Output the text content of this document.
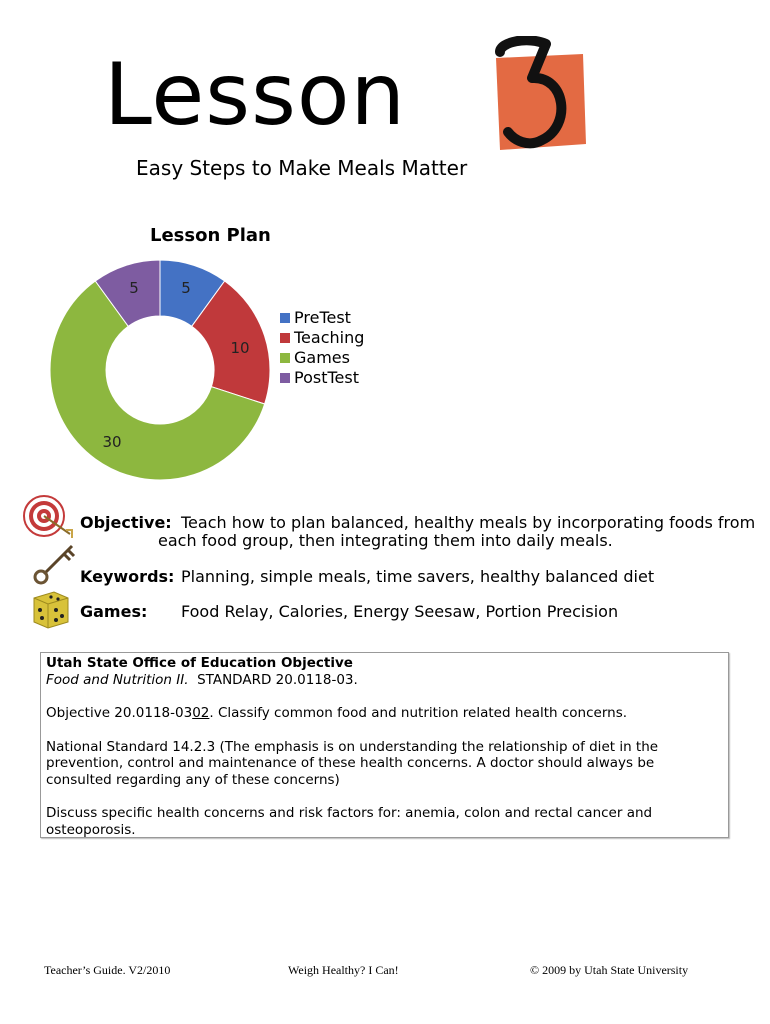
Lesson
3
Easy Steps to Make Meals Matter
Lesson Plan
5
10
30
5
PreTest
Teaching
Games
PostTest
Objective: Teach how to plan balanced, healthy meals by incorporating foods from
each food group, then integrating them into daily meals.
Keywords: Planning, simple meals, time savers, healthy balanced diet
Games: Food Relay, Calories, Energy Seesaw, Portion Precision

Utah State Office of Education Objective

Food and Nutrition II.  STANDARD 20.0118-03.

Objective 20.0118-0302. Classify common food and nutrition related health concerns.

National Standard 14.2.3 (The emphasis is on understanding the relationship of diet in the prevention, control and maintenance of these health concerns. A doctor should always be consulted regarding any of these concerns)

Discuss specific health concerns and risk factors for: anemia, colon and rectal cancer and osteoporosis.

Teacher’s Guide. V2/2010	Weigh Healthy? I Can!	© 2009 by Utah State University
